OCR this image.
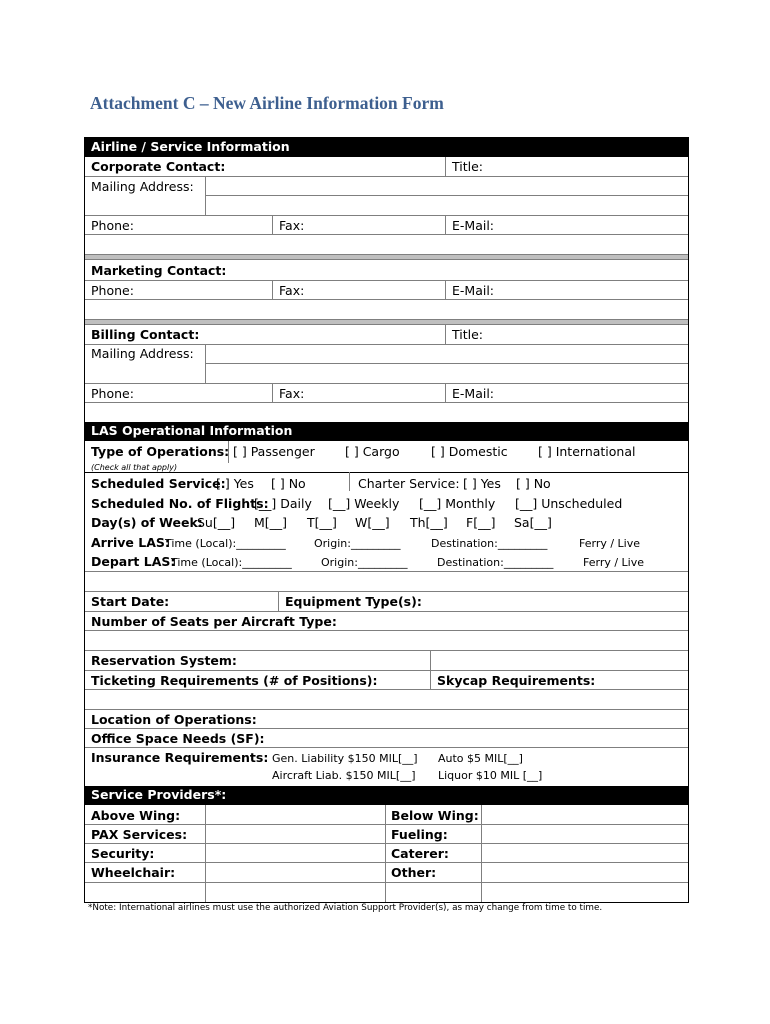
Attachment C – New Airline Information Form
Airline / Service Information
Corporate Contact:	Title:
Mailing Address:
Phone:	Fax:	E-Mail:
Marketing Contact:
Phone:	Fax:	E-Mail:
Billing Contact:	Title:
Mailing Address:
Phone:	Fax:	E-Mail:
LAS Operational Information
Type of Operations: [ ] Passenger [ ] Cargo	[ ] Domestic [ ] International
(Check all that apply)
Scheduled Service:
[ ] Yes [ ] No	Charter Service: [ ] Yes [ ] No
Scheduled No. of Flights:
[__] Daily [__] Weekly [__] Monthly [__] Unscheduled
Day(s) of Week:
Su[__] M[__] T[__] W[__] Th[__] F[__] Sa[__]
Arrive LAS:
Time (Local):_________	Origin:_________	Destination:_________	Ferry / Live
Depart LAS:
Time (Local):_________	Origin:_________	Destination:_________	Ferry / Live
Start Date:	Equipment Type(s):
Number of Seats per Aircraft Type:
Reservation System:
Ticketing Requirements (# of Positions):	Skycap Requirements:
Location of Operations:
Office Space Needs (SF):
Insurance Requirements: Gen. Liability $150 MIL[__] Auto $5 MIL[__]
Aircraft Liab. $150 MIL[__] Liquor $10 MIL [__]
Service Providers*:
Above Wing:	Below Wing:
PAX Services:	Fueling:
Security:	Caterer:
Wheelchair:	Other:
*Note: International airlines must use the authorized Aviation Support Provider(s), as may change from time to time.
